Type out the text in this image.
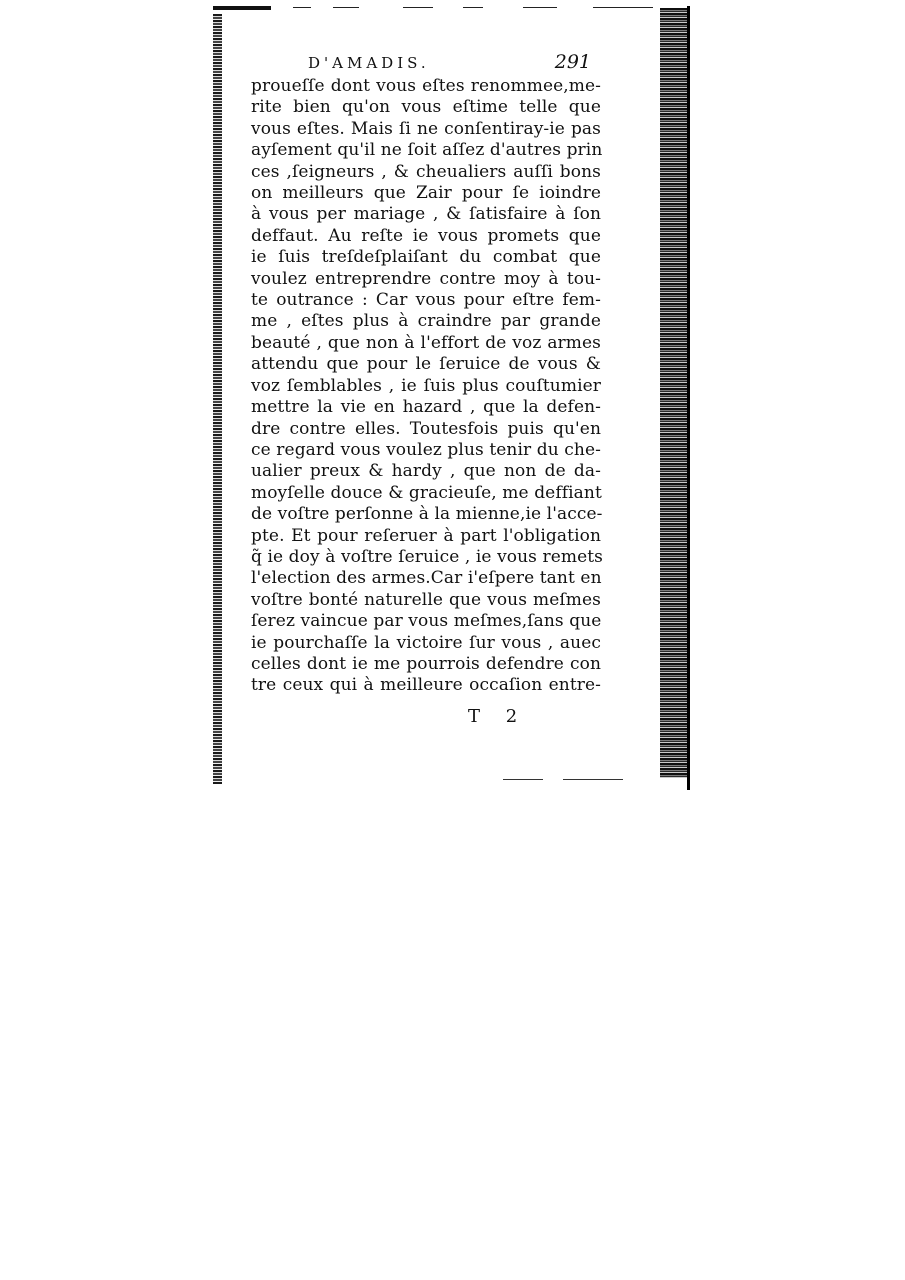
D'AMADIS.	291
proueſſe dont vous eſtes renommee,me-
rite bien qu'on vous eſtime telle que
vous eſtes. Mais ſi ne conſentiray-ie pas
ayſement qu'il ne ſoit aſſez d'autres prin
ces ,ſeigneurs , & cheualiers auſſi bons
on meilleurs que Zair pour ſe ioindre
à vous per mariage , & ſatisfaire à ſon
deffaut. Au reſte ie vous promets que
ie ſuis treſdeſplaiſant du combat que
voulez entreprendre contre moy à tou-
te outrance : Car vous pour eſtre fem-
me , eſtes plus à craindre par grande
beauté , que non à l'effort de voz armes
attendu que pour le ſeruice de vous &
voz ſemblables , ie ſuis plus couſtumier
mettre la vie en hazard , que la defen-
dre contre elles. Toutesfois puis qu'en
ce regard vous voulez plus tenir du che-
ualier preux & hardy , que non de da-
moyſelle douce & gracieuſe, me deffiant
de voſtre perſonne à la mienne,ie l'acce-
pte. Et pour reſeruer à part l'obligation
q̃ ie doy à voſtre ſeruice , ie vous remets
l'election des armes.Car i'eſpere tant en
voſtre bonté naturelle que vous meſmes
ſerez vaincue par vous meſmes,ſans que
ie pourchaſſe la victoire ſur vous , auec
celles dont ie me pourrois defendre con
tre ceux qui à meilleure occaſion entre-
T 2
